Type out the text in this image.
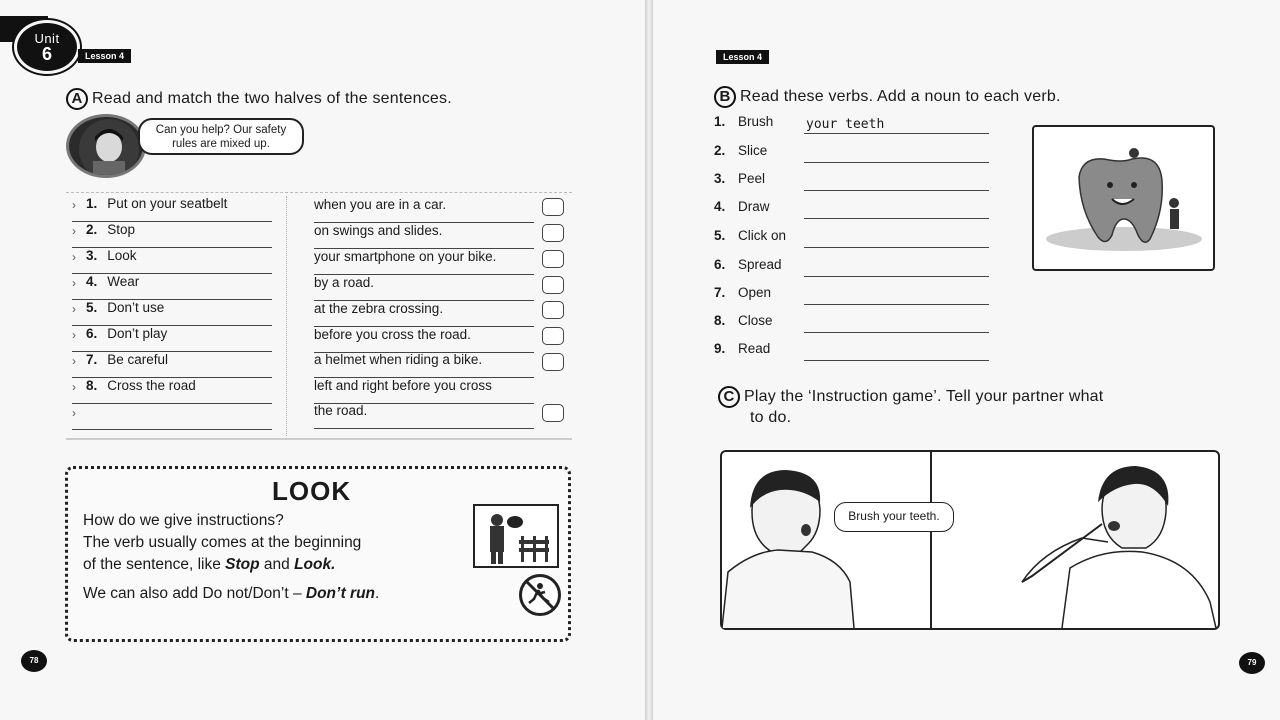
Unit
6	Lesson 4
A Read and match the two halves of the sentences.
Can you help? Our safety rules are mixed up.
› 1. Put on your seatbelt
› 2. Stop
› 3. Look
› 4. Wear
› 5. Don’t use
› 6. Don’t play
› 7. Be careful
› 8. Cross the road
›
when you are in a car.
on swings and slides.
your smartphone on your bike.
by a road.
at the zebra crossing.
before you cross the road.
a helmet when riding a bike.
left and right before you cross
the road.
LOOK
How do we give instructions?
The verb usually comes at the beginning
of the sentence, like Stop and Look.
We can also add Do not/Don’t – Don’t run.
78
Lesson 4
B Read these verbs. Add a noun to each verb.
1. Brush	your teeth
2. Slice
3. Peel
4. Draw
5. Click on
6. Spread
7. Open
8. Close
9. Read
C Play the ‘Instruction game’. Tell your partner what
to do.
Brush your teeth.
79
